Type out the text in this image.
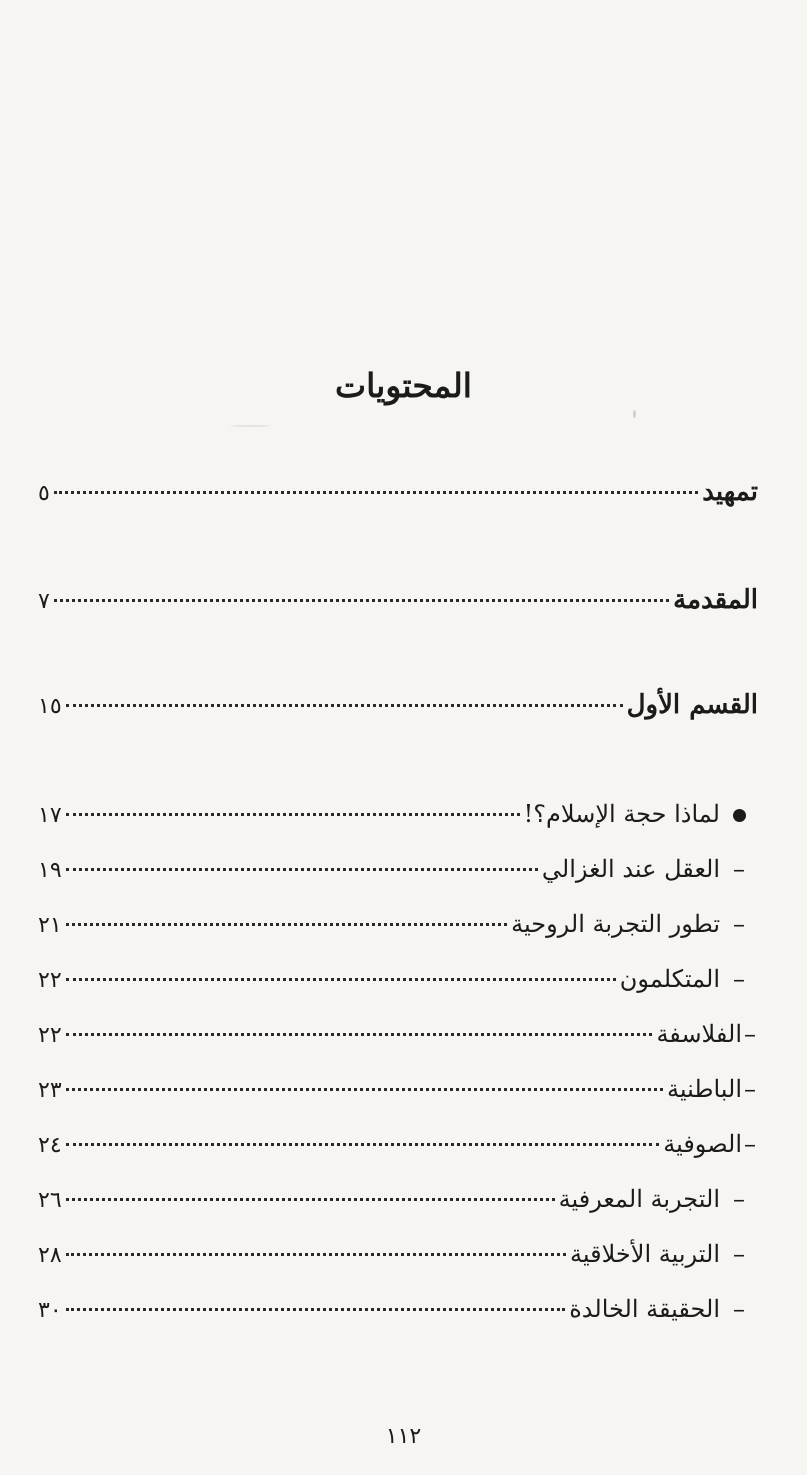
المحتويات
تمهيد
٥
المقدمة
٧
القسم الأول
١٥
لماذا حجة الإسلام؟!
١٧
–
العقل عند الغزالي
١٩
–
تطور التجربة الروحية
٢١
–
المتكلمون
٢٢
–
الفلاسفة
٢٢
–
الباطنية
٢٣
–
الصوفية
٢٤
–
التجربة المعرفية
٢٦
–
التربية الأخلاقية
٢٨
–
الحقيقة الخالدة
٣٠
١١٢
